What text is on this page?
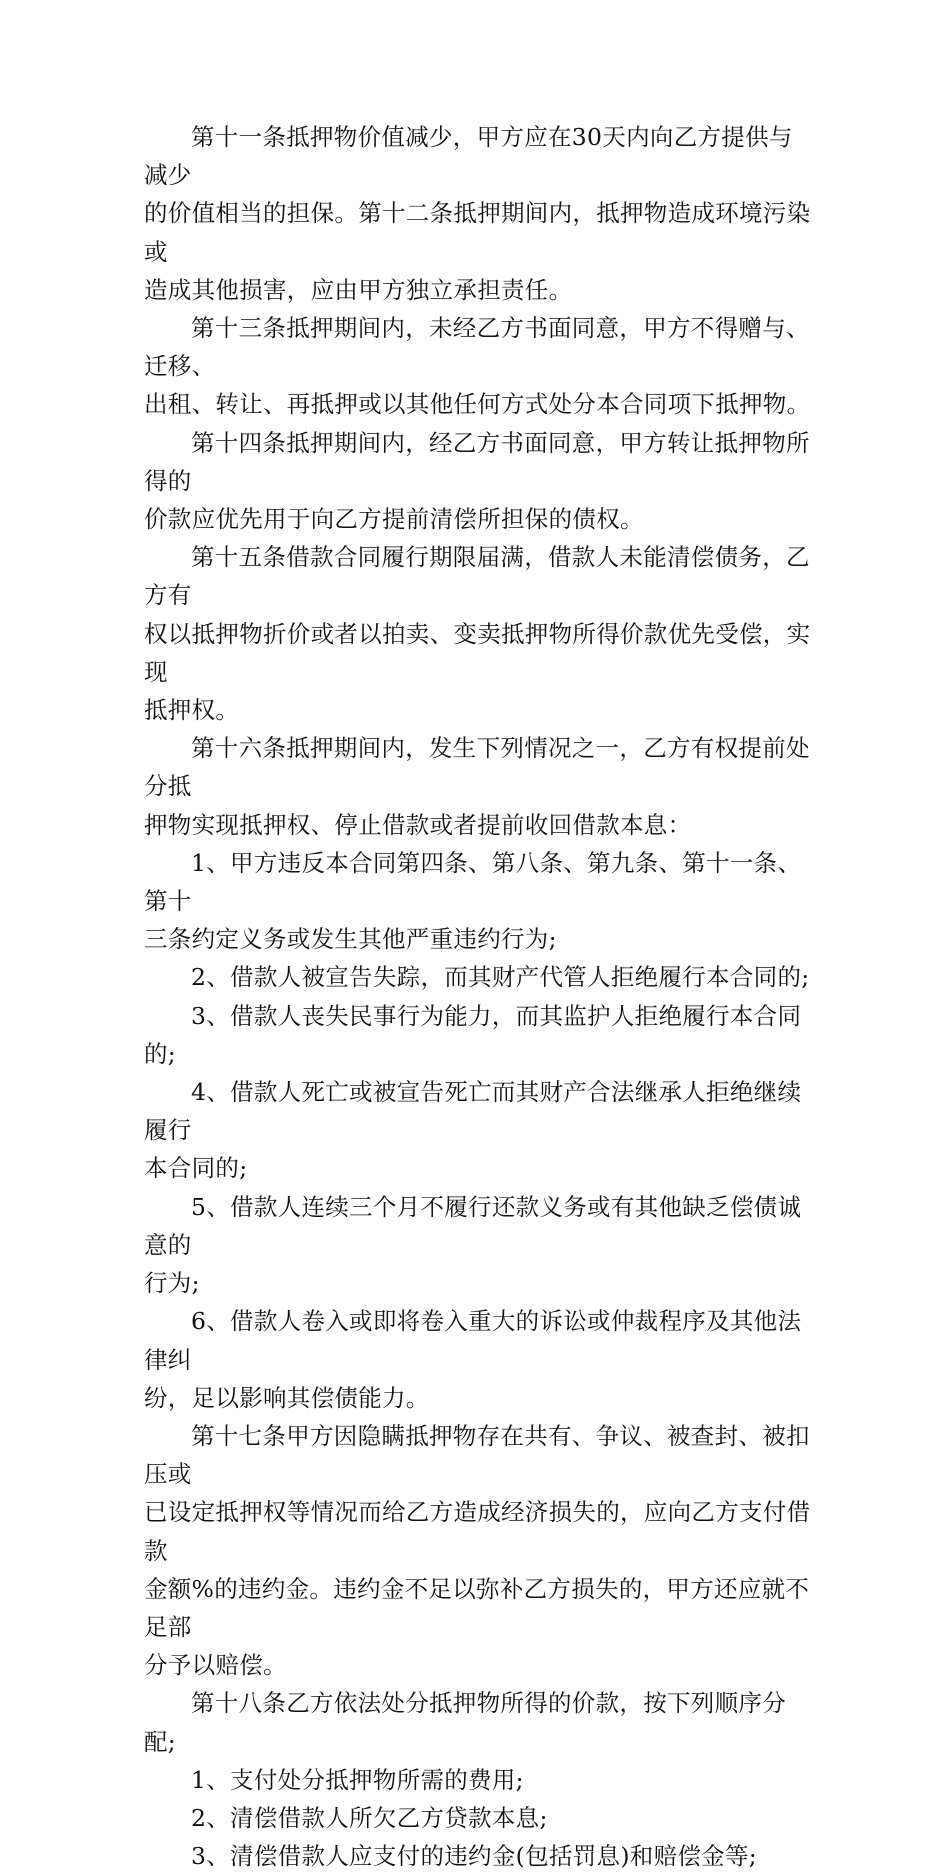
第十一条抵押物价值减少，甲方应在30天内向乙方提供与减少
的价值相当的担保。第十二条抵押期间内，抵押物造成环境污染或
造成其他损害，应由甲方独立承担责任。

第十三条抵押期间内，未经乙方书面同意，甲方不得赠与、迁移、
出租、转让、再抵押或以其他任何方式处分本合同项下抵押物。

第十四条抵押期间内，经乙方书面同意，甲方转让抵押物所得的
价款应优先用于向乙方提前清偿所担保的债权。

第十五条借款合同履行期限届满，借款人未能清偿债务，乙方有
权以抵押物折价或者以拍卖、变卖抵押物所得价款优先受偿，实现
抵押权。

第十六条抵押期间内，发生下列情况之一，乙方有权提前处分抵
押物实现抵押权、停止借款或者提前收回借款本息：

1、甲方违反本合同第四条、第八条、第九条、第十一条、第十
三条约定义务或发生其他严重违约行为;

2、借款人被宣告失踪，而其财产代管人拒绝履行本合同的;

3、借款人丧失民事行为能力，而其监护人拒绝履行本合同的;

4、借款人死亡或被宣告死亡而其财产合法继承人拒绝继续履行
本合同的;

5、借款人连续三个月不履行还款义务或有其他缺乏偿债诚意的
行为;

6、借款人卷入或即将卷入重大的诉讼或仲裁程序及其他法律纠
纷，足以影响其偿债能力。

第十七条甲方因隐瞒抵押物存在共有、争议、被查封、被扣压或
已设定抵押权等情况而给乙方造成经济损失的，应向乙方支付借款
金额%的违约金。违约金不足以弥补乙方损失的，甲方还应就不足部
分予以赔偿。

第十八条乙方依法处分抵押物所得的价款，按下列顺序分配;

1、支付处分抵押物所需的费用;

2、清偿借款人所欠乙方贷款本息;

3、清偿借款人应支付的违约金(包括罚息)和赔偿金等;
